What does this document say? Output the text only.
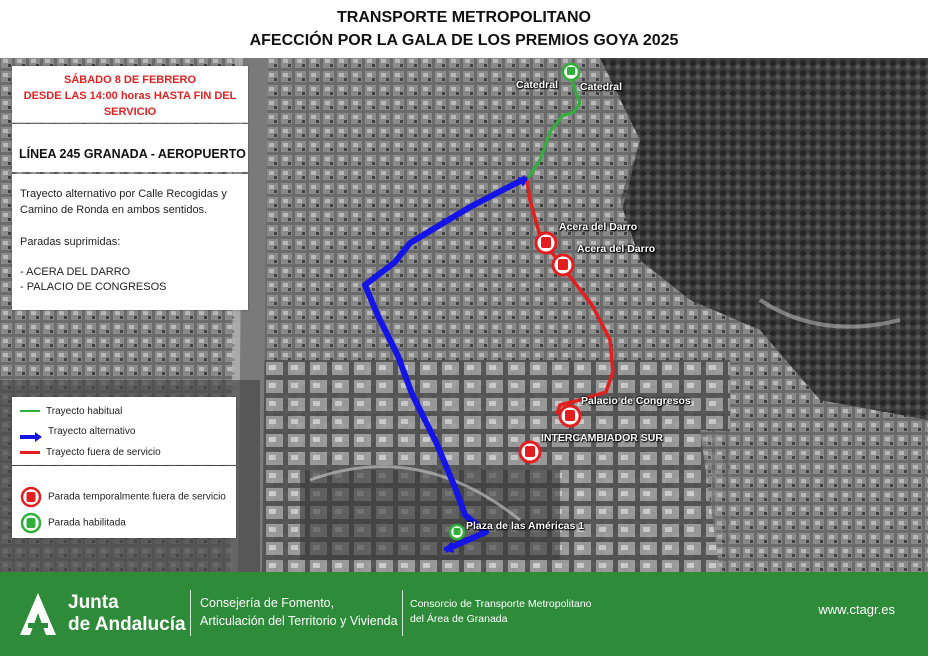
TRANSPORTE METROPOLITANO
AFECCIÓN POR LA GALA DE LOS PREMIOS GOYA 2025
Catedral Catedral
Acera del Darro
Acera del Darro
Palacio de Congresos
INTERCAMBIADOR SUR
Plaza de las Américas 1
SÁBADO 8 DE FEBRERO
DESDE LAS 14:00 horas HASTA FIN DEL
SERVICIO
LÍNEA 245 GRANADA - AEROPUERTO
Trayecto alternativo por Calle Recogidas y
Camino de Ronda en ambos sentidos.
Paradas suprimidas:
- ACERA DEL DARRO
- PALACIO DE CONGRESOS
Trayecto habitual
Trayecto alternativo
Trayecto fuera de servicio
Parada temporalmente fuera de servicio
Parada habilitada
Junta
de Andalucía
Consejería de Fomento,
Articulación del Territorio y Vivienda
Consorcio de Transporte Metropolitano
del Área de Granada
www.ctagr.es
